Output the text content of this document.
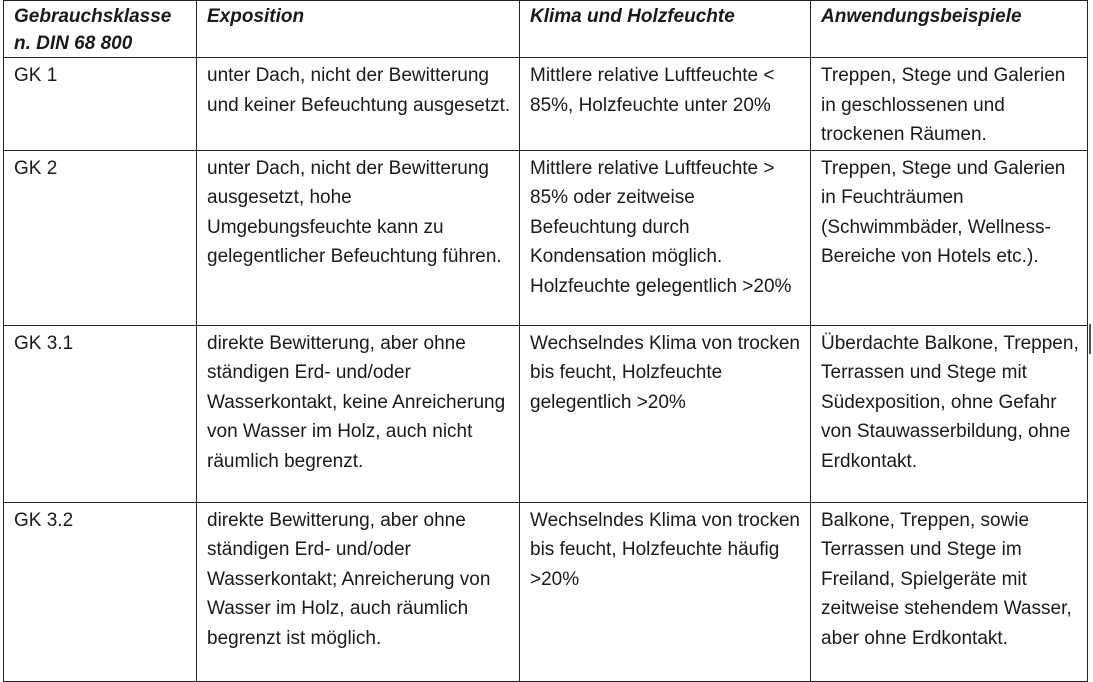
Gebrauchsklasse n. DIN 68 800	Exposition	Klima und Holzfeuchte	Anwendungsbeispiele
GK 1	unter Dach, nicht der Bewitterung und keiner Befeuchtung ausgesetzt.	Mittlere relative Luftfeuchte < 85%, Holzfeuchte unter 20%	Treppen, Stege und Galerien in geschlossenen und trockenen Räumen.
GK 2	unter Dach, nicht der Bewitterung ausgesetzt, hohe Umgebungsfeuchte kann zu gelegentlicher Befeuchtung führen.	Mittlere relative Luftfeuchte > 85% oder zeitweise Befeuchtung durch Kondensation möglich. Holzfeuchte gelegentlich >20%	Treppen, Stege und Galerien in Feuchträumen (Schwimmbäder, Wellness-Bereiche von Hotels etc.).
GK 3.1	direkte Bewitterung, aber ohne ständigen Erd- und/oder Wasserkontakt, keine Anreicherung von Wasser im Holz, auch nicht räumlich begrenzt.	Wechselndes Klima von trocken bis feucht, Holzfeuchte gelegentlich >20%	Überdachte Balkone, Treppen, Terrassen und Stege mit Südexposition, ohne Gefahr von Stauwasserbildung, ohne Erdkontakt.
GK 3.2	direkte Bewitterung, aber ohne ständigen Erd- und/oder Wasserkontakt; Anreicherung von Wasser im Holz, auch räumlich begrenzt ist möglich.	Wechselndes Klima von trocken bis feucht, Holzfeuchte häufig >20%	Balkone, Treppen, sowie Terrassen und Stege im Freiland, Spielgeräte mit zeitweise stehendem Wasser, aber ohne Erdkontakt.
